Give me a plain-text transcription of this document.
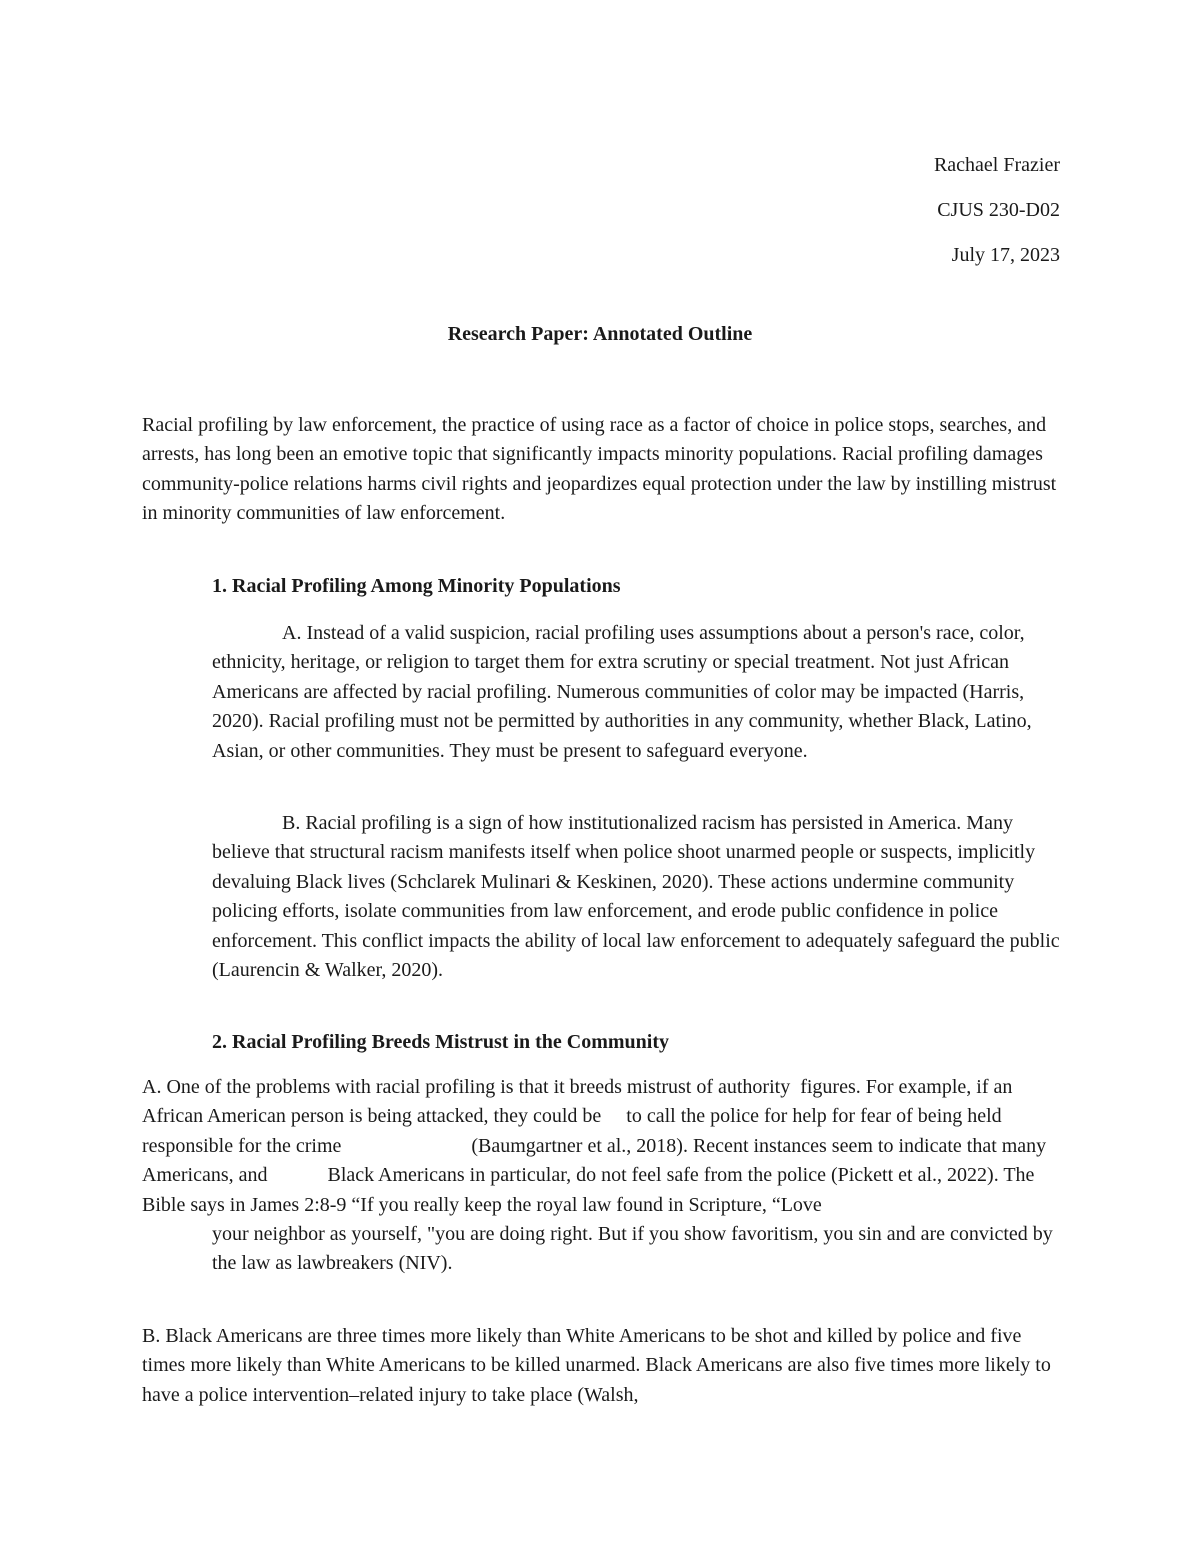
Rachael Frazier
CJUS 230-D02
July 17, 2023
Research Paper: Annotated Outline

Racial profiling by law enforcement, the practice of using race as a factor of choice in police stops, searches, and arrests, has long been an emotive topic that significantly impacts minority populations. Racial profiling damages community-police relations harms civil rights and jeopardizes equal protection under the law by instilling mistrust in minority communities of law enforcement.

1. Racial Profiling Among Minority Populations

A. Instead of a valid suspicion, racial profiling uses assumptions about a person's race, color, ethnicity, heritage, or religion to target them for extra scrutiny or special treatment. Not just African Americans are affected by racial profiling. Numerous communities of color may be impacted (Harris, 2020). Racial profiling must not be permitted by authorities in any community, whether Black, Latino, Asian, or other communities. They must be present to safeguard everyone.

B. Racial profiling is a sign of how institutionalized racism has persisted in America. Many believe that structural racism manifests itself when police shoot unarmed people or suspects, implicitly devaluing Black lives (Schclarek Mulinari & Keskinen, 2020). These actions undermine community policing efforts, isolate communities from law enforcement, and erode public confidence in police enforcement. This conflict impacts the ability of local law enforcement to adequately safeguard the public (Laurencin & Walker, 2020).

2. Racial Profiling Breeds Mistrust in the Community

A. One of the problems with racial profiling is that it breeds mistrust of authority  figures. For example, if an African American person is being attacked, they could be     to call the police for help for fear of being held responsible for the crime                          (Baumgartner et al., 2018). Recent instances seem to indicate that many Americans, and            Black Americans in particular, do not feel safe from the police (Pickett et al., 2022). The           Bible says in James 2:8-9 “If you really keep the royal law found in Scripture, “Love
your neighbor as yourself, "you are doing right. But if you show favoritism, you sin and are convicted by the law as lawbreakers (NIV).

B. Black Americans are three times more likely than White Americans to be shot and killed by police and five times more likely than White Americans to be killed unarmed. Black Americans are also five times more likely to have a police intervention–related injury to take place (Walsh,
